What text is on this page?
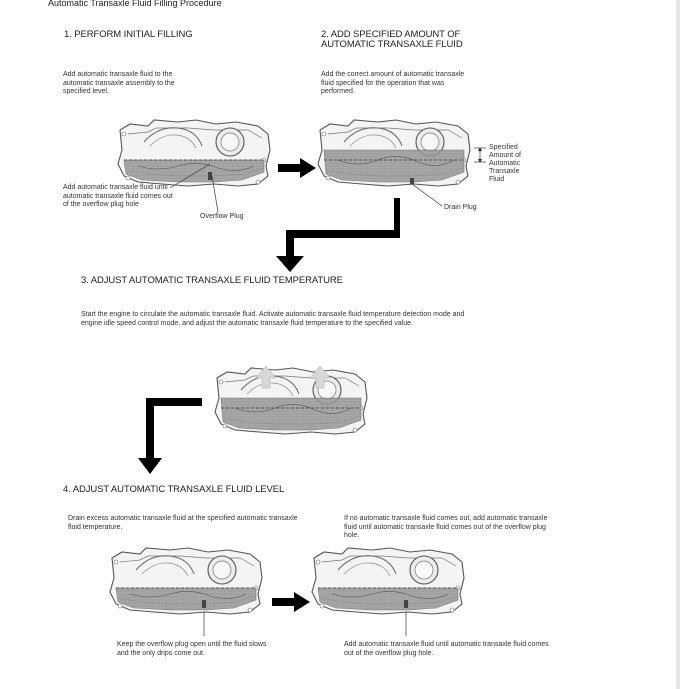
Automatic Transaxle Fluid Filling Procedure
1. PERFORM INITIAL FILLING
Add automatic transaxle fluid to the automatic transaxle assembly to the specified level.
Add automatic transaxle fluid until automatic transaxle fluid comes out of the overflow plug hole
Overflow Plug
2. ADD SPECIFIED AMOUNT OF
AUTOMATIC TRANSAXLE FLUID
Add the correct amount of automatic transaxle fluid specified for the operation that was performed.
Specified
Amount of
Automatic
Transaxle
Fluid
Drain Plug
3. ADJUST AUTOMATIC TRANSAXLE FLUID TEMPERATURE
Start the engine to circulate the automatic transaxle fluid. Activate automatic transaxle fluid temperature detection mode and
engine idle speed control mode, and adjust the automatic transaxle fluid temperature to the specified value.
4. ADJUST AUTOMATIC TRANSAXLE FLUID LEVEL
Drain excess automatic transaxle fluid at the specified automatic transaxle fluid temperature.
If no automatic transaxle fluid comes out, add automatic transaxle fluid until automatic transaxle fluid comes out of the overflow plug hole.
Keep the overflow plug open until the fluid slows and the only drips come out.
Add automatic transaxle fluid until automatic transaxle fluid comes out of the overflow plug hole.
